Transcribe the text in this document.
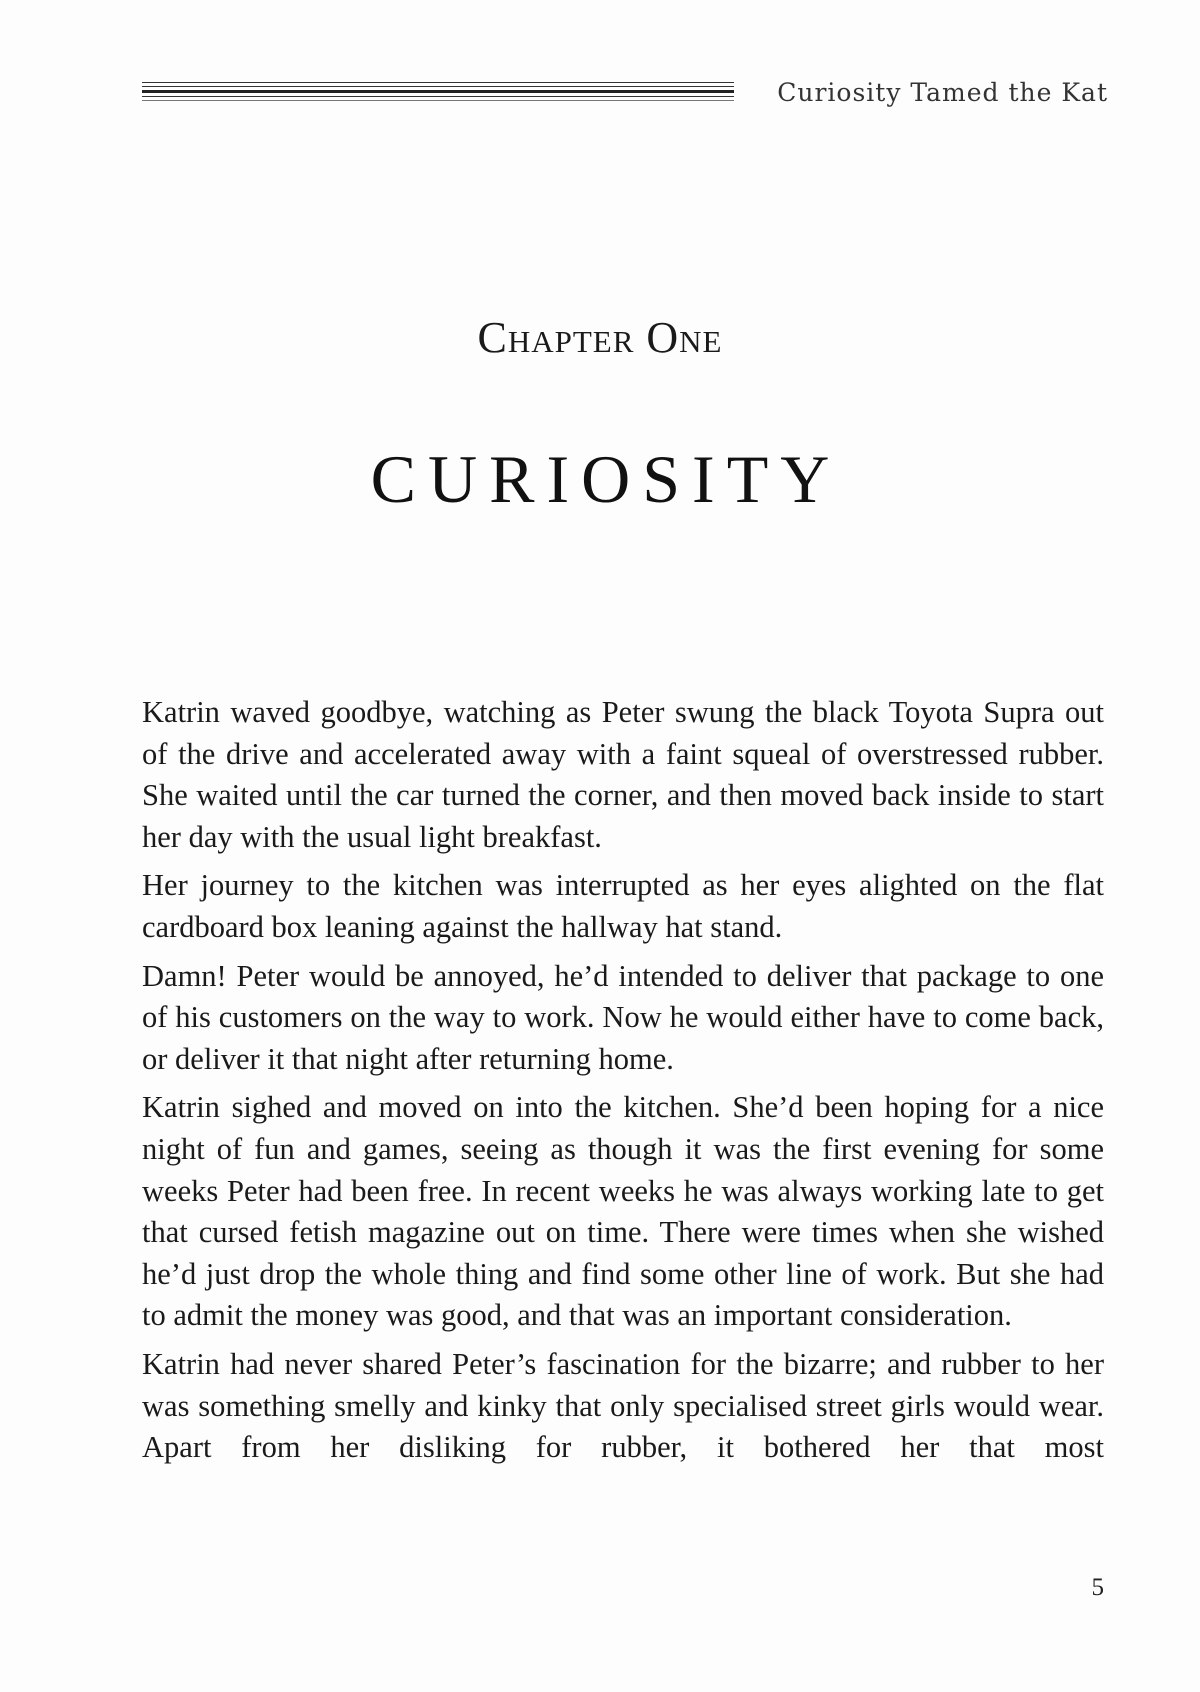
Curiosity Tamed the Kat
Chapter One
CURIOSITY

Katrin waved goodbye, watching as Peter swung the black Toyota Supra out of the drive and accelerated away with a faint squeal of overstressed rubber. She waited until the car turned the corner, and then moved back inside to start her day with the usual light breakfast.

Her journey to the kitchen was interrupted as her eyes alighted on the flat cardboard box leaning against the hallway hat stand.

Damn! Peter would be annoyed, he’d intended to deliver that package to one of his customers on the way to work. Now he would either have to come back, or deliver it that night after returning home.

Katrin sighed and moved on into the kitchen. She’d been hoping for a nice night of fun and games, seeing as though it was the first evening for some weeks Peter had been free. In recent weeks he was always working late to get that cursed fetish magazine out on time. There were times when she wished he’d just drop the whole thing and find some other line of work. But she had to admit the money was good, and that was an important consideration.

Katrin had never shared Peter’s fascination for the bizarre; and rubber to her was something smelly and kinky that only specialised street girls would wear. Apart from her disliking for rubber, it bothered her that most

5
